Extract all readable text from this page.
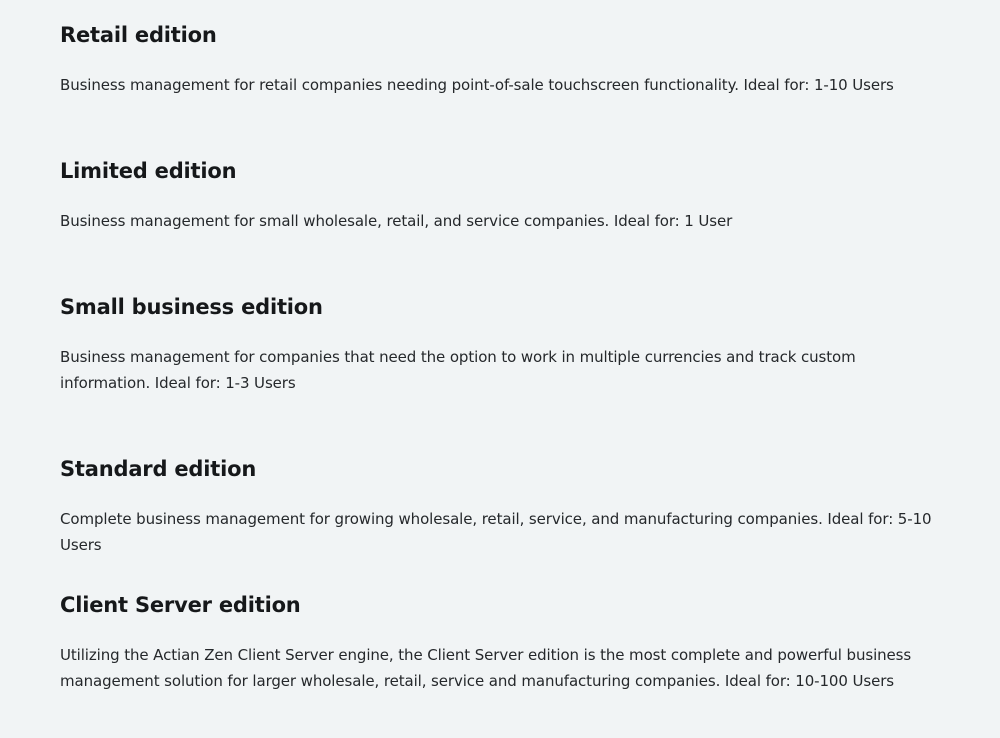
Retail edition

Business management for retail companies needing point-of-sale touchscreen functionality. Ideal for: 1-10 Users

Limited edition

Business management for small wholesale, retail, and service companies. Ideal for: 1 User

Small business edition

Business management for companies that need the option to work in multiple currencies and track custom information. Ideal for: 1-3 Users

Standard edition

Complete business management for growing wholesale, retail, service, and manufacturing companies. Ideal for: 5-10 Users

Client Server edition

Utilizing the Actian Zen Client Server engine, the Client Server edition is the most complete and powerful business management solution for larger wholesale, retail, service and manufacturing companies. Ideal for: 10-100 Users
